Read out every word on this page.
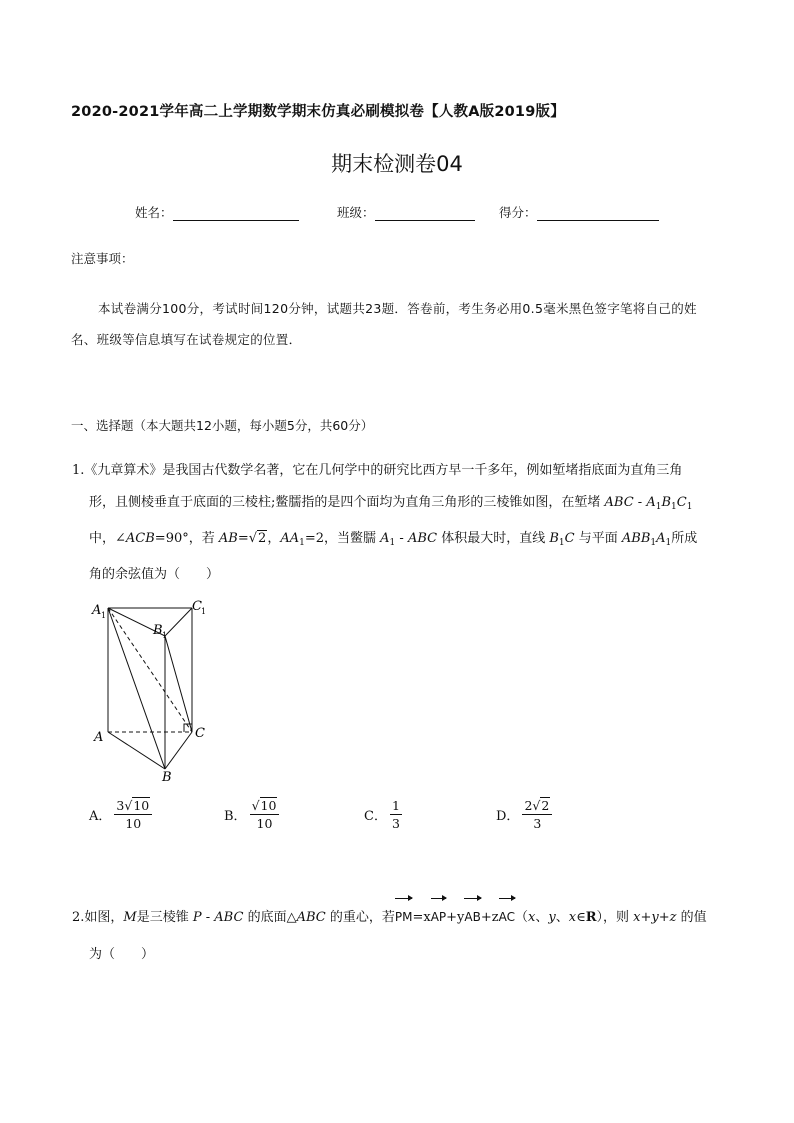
2020-2021学年高二上学期数学期末仿真必刷模拟卷【人教A版2019版】
期末检测卷04
姓名：	班级：	得分：
注意事项：
本试卷满分100分，考试时间120分钟，试题共23题．答卷前，考生务必用0.5毫米黑色签字笔将自己的姓名、班级等信息填写在试卷规定的位置．
一、选择题（本大题共12小题，每小题5分，共60分）
1.《九章算术》是我国古代数学名著，它在几何学中的研究比西方早一千多年，例如堑堵指底面为直角三角
形，且侧棱垂直于底面的三棱柱;鳖臑指的是四个面均为直角三角形的三棱锥如图，在堑堵 ABC - $A_1B_1C_1$
中，∠ACB=90°，若 AB=√2，$AA_1=2$，当鳖臑 $A_1$ - ABC 体积最大时，直线 $B_1C$ 与平面 $ABB_1A_1$所成
角的余弦值为（　　）
A 1
C 1
B 1
A	C
B
A． $\frac{3√10}{10}$	B． $\frac{√10}{10}$	C． $\frac{1}{3}$	D． $\frac{2√2}{3}$
2.如图，M是三棱锥 P - ABC 的底面△ABC 的重心，若PM=xAP+yAB+zAC（x、y、x∈R），则 x+y+z 的值
为（　　）
